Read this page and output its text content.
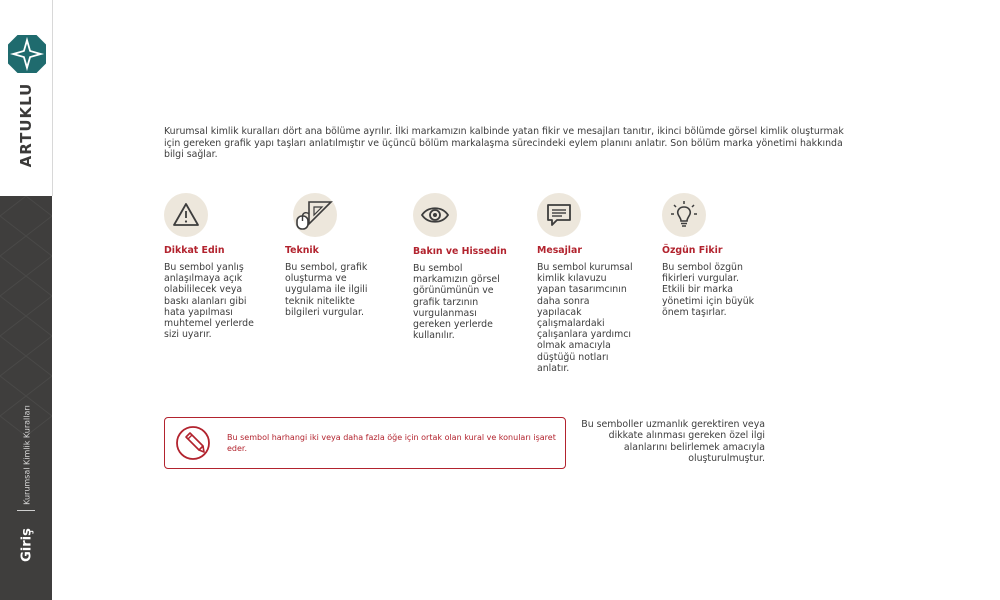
ARTUKLU
Kurumsal Kimlik Kuralları
Giriş
Kurumsal kimlik kuralları dört ana bölüme ayrılır. İlki markamızın kalbinde yatan fikir ve mesajları tanıtır, ikinci bölümde görsel kimlik oluşturmak için gereken grafik yapı taşları anlatılmıştır ve üçüncü bölüm markalaşma sürecindeki eylem planını anlatır. Son bölüm marka yönetimi hakkında bilgi sağlar.
Dikkat Edin
Bu sembol yanlış anlaşılmaya açık olabililecek veya baskı alanları gibi hata yapılması muhtemel yerlerde sizi uyarır.
Teknik
Bu sembol, grafik oluşturma ve uygulama ile ilgili teknik nitelikte bilgileri vurgular.
Bakın ve Hissedin
Bu sembol markamızın görsel görünümünün ve grafik tarzının vurgulanması gereken yerlerde kullanılır.
Mesajlar
Bu sembol kurumsal kimlik kılavuzu yapan tasarımcının daha sonra yapılacak çalışmalardaki çalışanlara yardımcı olmak amacıyla düştüğü notları anlatır.
Özgün Fikir
Bu sembol özgün fikirleri vurgular. Etkili bir marka yönetimi için büyük önem taşırlar.
Bu sembol harhangi iki veya daha fazla öğe için ortak olan kural ve konuları işaret eder.
Bu semboller uzmanlık gerektiren veya dikkate alınması gereken özel ilgi alanlarını belirlemek amacıyla oluşturulmuştur.
